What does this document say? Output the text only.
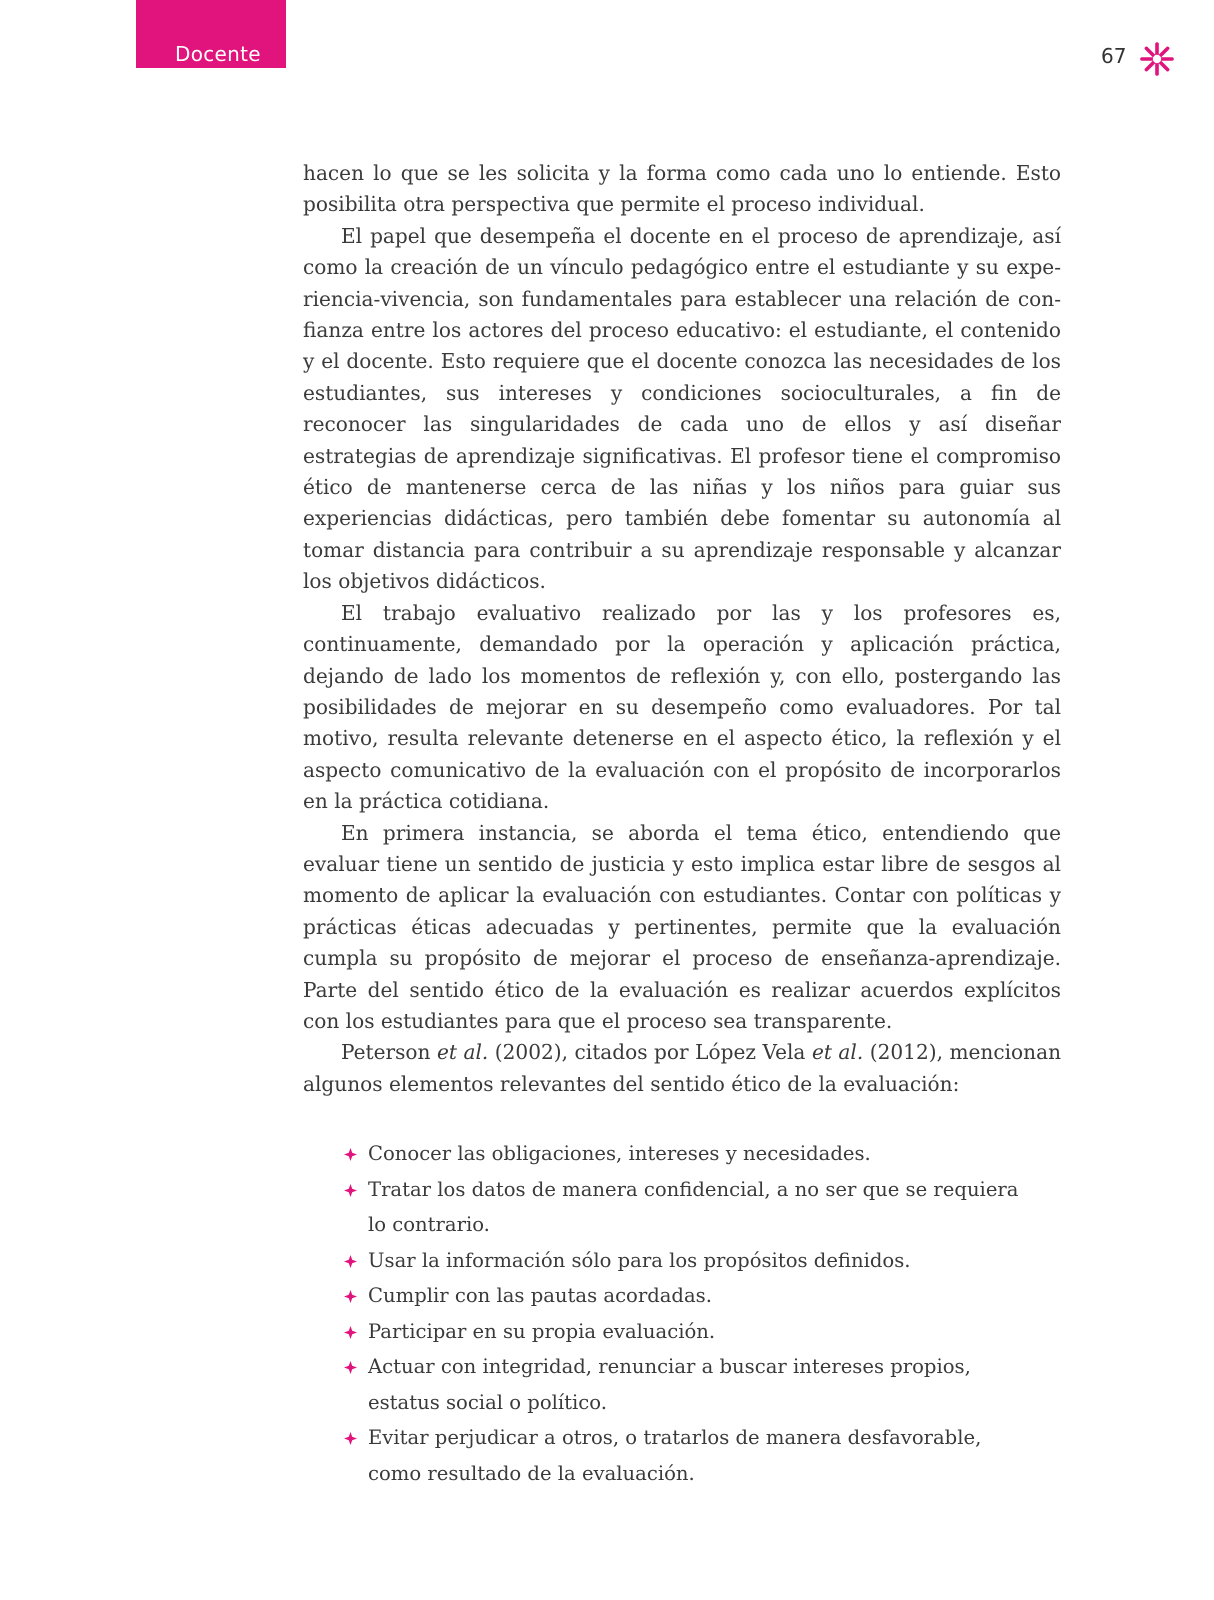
Docente	67

hacen lo que se les solicita y la forma como cada uno lo entiende. Esto posibilita otra perspectiva que permite el proceso individual.

El papel que desempeña el docente en el proceso de aprendizaje, así como la creación de un vínculo pedagógico entre el estudiante y su experiencia-vivencia, son fundamentales para establecer una relación de confianza entre los actores del proceso educativo: el estudiante, el contenido y el docente. Esto requiere que el docente conozca las necesidades de los estudiantes, sus intereses y condiciones socioculturales, a fin de reconocer las singularidades de cada uno de ellos y así diseñar estrategias de aprendizaje significativas. El profesor tiene el compromiso ético de mantenerse cerca de las niñas y los niños para guiar sus experiencias didácticas, pero también debe fomentar su autonomía al tomar distancia para contribuir a su aprendizaje responsable y alcanzar los objetivos didácticos.

El trabajo evaluativo realizado por las y los profesores es, continuamente, demandado por la operación y aplicación práctica, dejando de lado los momentos de reflexión y, con ello, postergando las posibilidades de mejorar en su desempeño como evaluadores. Por tal motivo, resulta relevante detenerse en el aspecto ético, la reflexión y el aspecto comunicativo de la evaluación con el propósito de incorporarlos en la práctica cotidiana.

En primera instancia, se aborda el tema ético, entendiendo que evaluar tiene un sentido de justicia y esto implica estar libre de sesgos al momento de aplicar la evaluación con estudiantes. Contar con políticas y prácticas éticas adecuadas y pertinentes, permite que la evaluación cumpla su propósito de mejorar el proceso de enseñanza-aprendizaje. Parte del sentido ético de la evaluación es realizar acuerdos explícitos con los estudiantes para que el proceso sea transparente.

Peterson et al. (2002), citados por López Vela et al. (2012), mencionan algunos elementos relevantes del sentido ético de la evaluación:

Conocer las obligaciones, intereses y necesidades.
Tratar los datos de manera confidencial, a no ser que se requiera lo contrario.
Usar la información sólo para los propósitos definidos.
Cumplir con las pautas acordadas.
Participar en su propia evaluación.
Actuar con integridad, renunciar a buscar intereses propios, estatus social o político.
Evitar perjudicar a otros, o tratarlos de manera desfavorable, como resultado de la evaluación.
